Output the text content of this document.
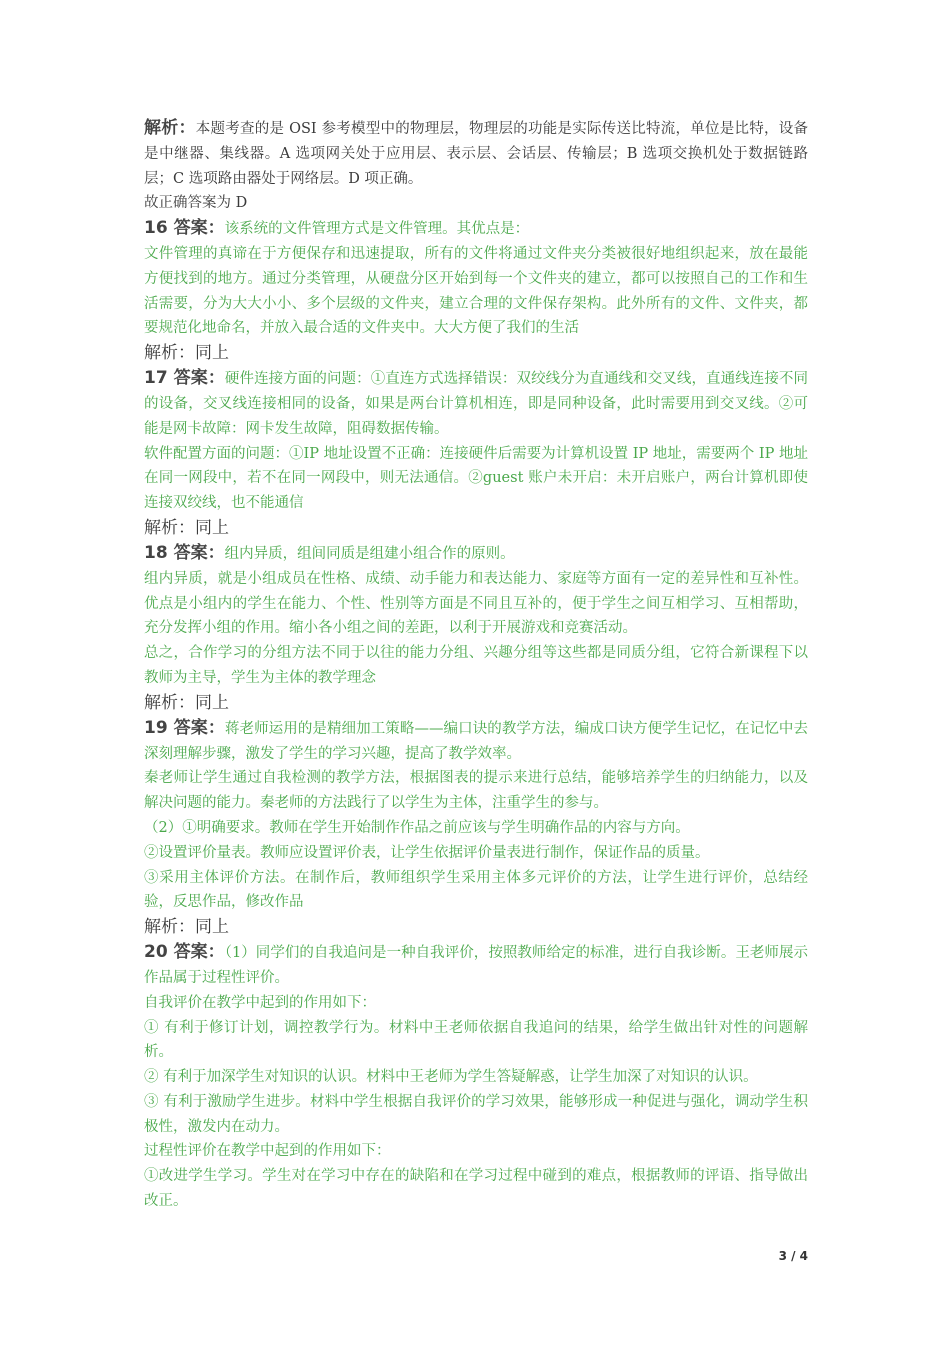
解析：本题考查的是 OSI 参考模型中的物理层，物理层的功能是实际传送比特流，单位是比特，设备是中继器、集线器。A 选项网关处于应用层、表示层、会话层、传输层；B 选项交换机处于数据链路层；C 选项路由器处于网络层。D 项正确。

故正确答案为 D

16 答案：该系统的文件管理方式是文件管理。其优点是：

文件管理的真谛在于方便保存和迅速提取，所有的文件将通过文件夹分类被很好地组织起来，放在最能方便找到的地方。通过分类管理，从硬盘分区开始到每一个文件夹的建立，都可以按照自己的工作和生活需要，分为大大小小、多个层级的文件夹，建立合理的文件保存架构。此外所有的文件、文件夹，都要规范化地命名，并放入最合适的文件夹中。大大方便了我们的生活

解析：同上

17 答案：硬件连接方面的问题：①直连方式选择错误：双绞线分为直通线和交叉线，直通线连接不同的设备，交叉线连接相同的设备，如果是两台计算机相连，即是同种设备，此时需要用到交叉线。②可能是网卡故障：网卡发生故障，阻碍数据传输。

软件配置方面的问题：①IP 地址设置不正确：连接硬件后需要为计算机设置 IP 地址，需要两个 IP 地址在同一网段中，若不在同一网段中，则无法通信。②guest 账户未开启：未开启账户，两台计算机即使连接双绞线，也不能通信

解析：同上

18 答案：组内异质，组间同质是组建小组合作的原则。

组内异质，就是小组成员在性格、成绩、动手能力和表达能力、家庭等方面有一定的差异性和互补性。优点是小组内的学生在能力、个性、性别等方面是不同且互补的，便于学生之间互相学习、互相帮助，充分发挥小组的作用。缩小各小组之间的差距，以利于开展游戏和竞赛活动。

总之，合作学习的分组方法不同于以往的能力分组、兴趣分组等这些都是同质分组，它符合新课程下以教师为主导，学生为主体的教学理念

解析：同上

19 答案：蒋老师运用的是精细加工策略——编口诀的教学方法，编成口诀方便学生记忆，在记忆中去深刻理解步骤，激发了学生的学习兴趣，提高了教学效率。

秦老师让学生通过自我检测的教学方法，根据图表的提示来进行总结，能够培养学生的归纳能力，以及解决问题的能力。秦老师的方法践行了以学生为主体，注重学生的参与。

（2）①明确要求。教师在学生开始制作作品之前应该与学生明确作品的内容与方向。

②设置评价量表。教师应设置评价表，让学生依据评价量表进行制作，保证作品的质量。

③采用主体评价方法。在制作后，教师组织学生采用主体多元评价的方法，让学生进行评价，总结经验，反思作品，修改作品

解析：同上

20 答案：（1）同学们的自我追问是一种自我评价，按照教师给定的标准，进行自我诊断。王老师展示作品属于过程性评价。

自我评价在教学中起到的作用如下：

① 有利于修订计划，调控教学行为。材料中王老师依据自我追问的结果，给学生做出针对性的问题解析。

② 有利于加深学生对知识的认识。材料中王老师为学生答疑解惑，让学生加深了对知识的认识。

③ 有利于激励学生进步。材料中学生根据自我评价的学习效果，能够形成一种促进与强化，调动学生积极性，激发内在动力。

过程性评价在教学中起到的作用如下：

①改进学生学习。学生对在学习中存在的缺陷和在学习过程中碰到的难点，根据教师的评语、指导做出改正。

3 / 4
